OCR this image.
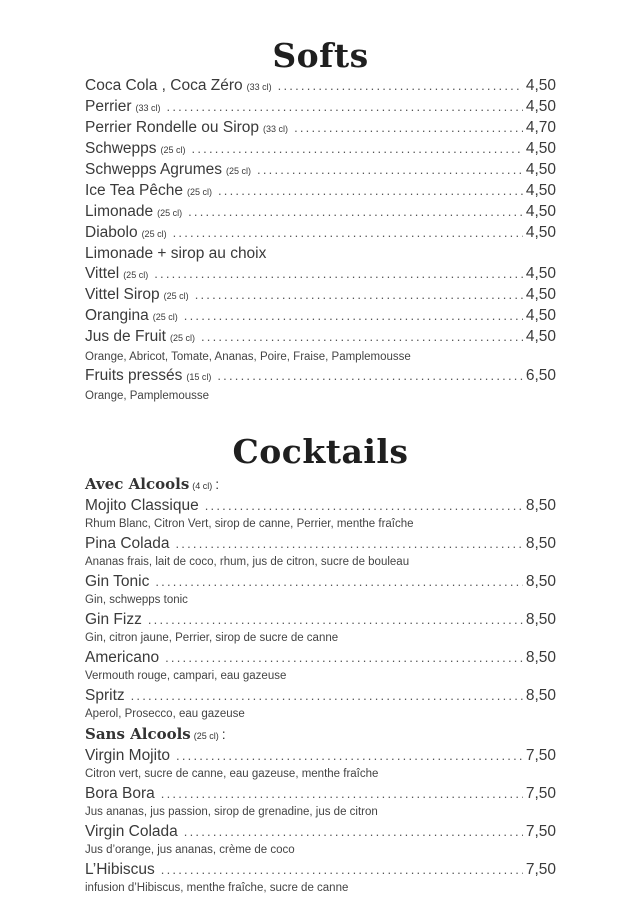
Softs
Coca Cola , Coca Zéro (33 cl) .....	4,50
Perrier (33 cl) .....	4,50
Perrier Rondelle ou Sirop (33 cl) .....	4,70
Schwepps (25 cl) .....	4,50
Schwepps Agrumes (25 cl) .....	4,50
Ice Tea Pêche (25 cl) .....	4,50
Limonade (25 cl) .....	4,50
Diabolo (25 cl) .....	4,50
Limonade + sirop au choix
Vittel (25 cl) .....	4,50
Vittel Sirop (25 cl) .....	4,50
Orangina (25 cl) .....	4,50
Jus de Fruit (25 cl) .....	4,50
Orange, Abricot, Tomate, Ananas, Poire, Fraise, Pamplemousse
Fruits pressés (15 cl) .....	6,50
Orange, Pamplemousse
Cocktails
Avec Alcools (4 cl) :
Mojito Classique .....	8,50
Rhum Blanc, Citron Vert, sirop de canne, Perrier, menthe fraîche
Pina Colada .....	8,50
Ananas frais, lait de coco, rhum, jus de citron, sucre de bouleau
Gin Tonic .....	8,50
Gin, schwepps tonic
Gin Fizz .....	8,50
Gin, citron jaune, Perrier, sirop de sucre de canne
Americano .....	8,50
Vermouth rouge, campari, eau gazeuse
Spritz .....	8,50
Aperol, Prosecco, eau gazeuse
Sans Alcools (25 cl) :
Virgin Mojito .....	7,50
Citron vert, sucre de canne, eau gazeuse, menthe fraîche
Bora Bora .....	7,50
Jus ananas, jus passion, sirop de grenadine, jus de citron
Virgin Colada .....	7,50
Jus d’orange, jus ananas, crème de coco
L’Hibiscus .....	7,50
infusion d’Hibiscus, menthe fraîche, sucre de canne
